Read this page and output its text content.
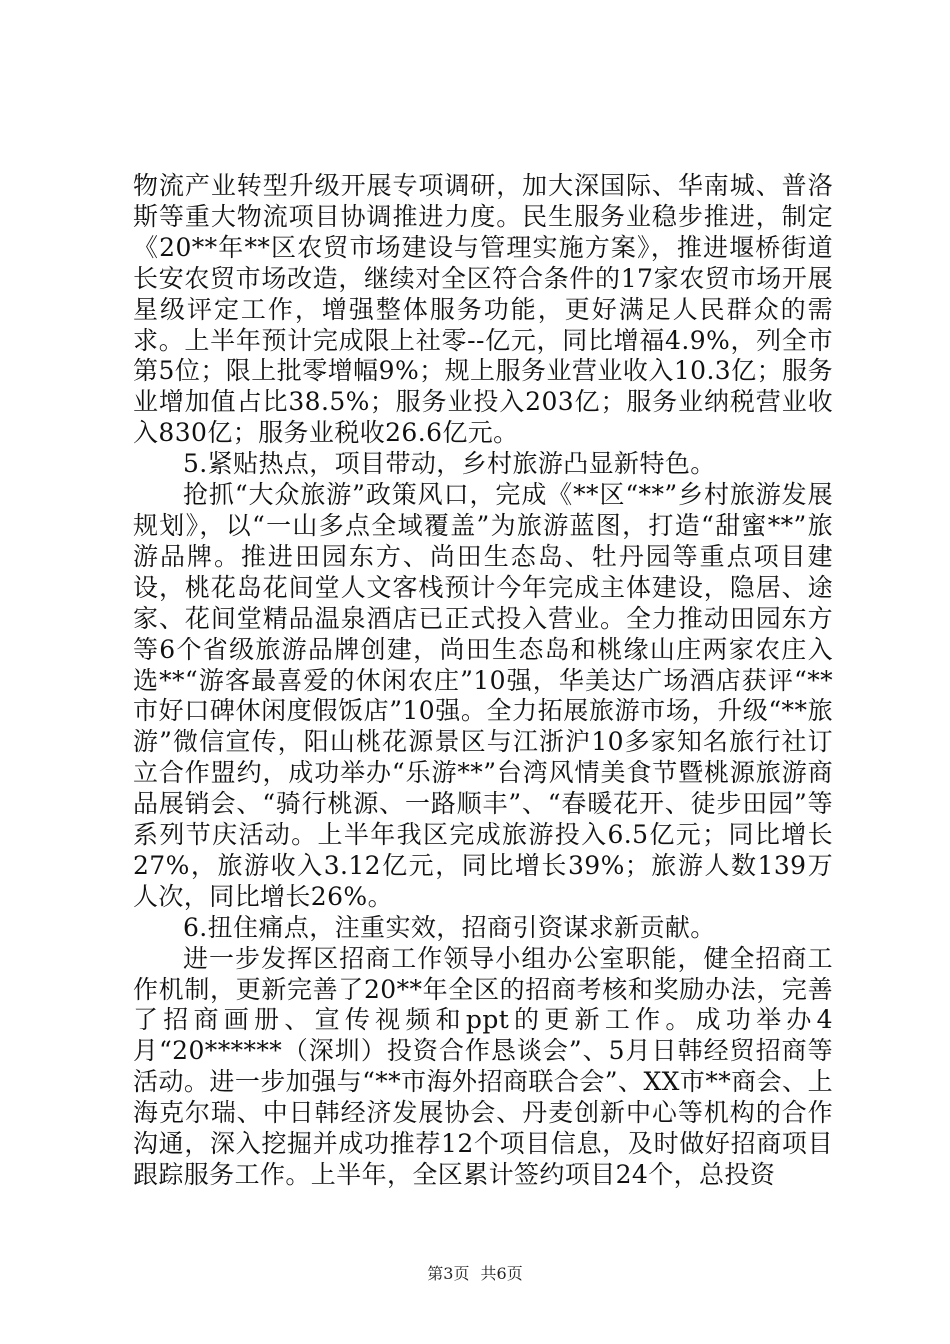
物流产业转型升级开展专项调研，加大深国际、华南城、普洛斯等重大物流项目协调推进力度。民生服务业稳步推进，制定《20**年**区农贸市场建设与管理实施方案》，推进堰桥街道长安农贸市场改造，继续对全区符合条件的17家农贸市场开展星级评定工作，增强整体服务功能，更好满足人民群众的需求。上半年预计完成限上社零--亿元，同比增福4.9%，列全市第5位；限上批零增幅9%；规上服务业营业收入10.3亿；服务业增加值占比38.5%；服务业投入203亿；服务业纳税营业收入830亿；服务业税收26.6亿元。

5.紧贴热点，项目带动，乡村旅游凸显新特色。

抢抓“大众旅游”政策风口，完成《**区“**”乡村旅游发展规划》，以“一山多点全域覆盖”为旅游蓝图，打造“甜蜜**”旅游品牌。推进田园东方、尚田生态岛、牡丹园等重点项目建设，桃花岛花间堂人文客栈预计今年完成主体建设，隐居、途家、花间堂精品温泉酒店已正式投入营业。全力推动田园东方等6个省级旅游品牌创建，尚田生态岛和桃缘山庄两家农庄入选**“游客最喜爱的休闲农庄”10强，华美达广场酒店获评“**市好口碑休闲度假饭店”10强。全力拓展旅游市场，升级“**旅游”微信宣传，阳山桃花源景区与江浙沪10多家知名旅行社订立合作盟约，成功举办“乐游**”台湾风情美食节暨桃源旅游商品展销会、“骑行桃源、一路顺丰”、“春暖花开、徒步田园”等系列节庆活动。上半年我区完成旅游投入6.5亿元；同比增长27%，旅游收入3.12亿元，同比增长39%；旅游人数139万人次，同比增长26%。

6.扭住痛点，注重实效，招商引资谋求新贡献。

进一步发挥区招商工作领导小组办公室职能，健全招商工作机制，更新完善了20**年全区的招商考核和奖励办法，完善了招商画册、宣传视频和ppt的更新工作。成功举办4月“20******（深圳）投资合作恳谈会”、5月日韩经贸招商等活动。进一步加强与“**市海外招商联合会”、XX市**商会、上海克尔瑞、中日韩经济发展协会、丹麦创新中心等机构的合作沟通，深入挖掘并成功推荐12个项目信息，及时做好招商项目跟踪服务工作。上半年，全区累计签约项目24个，总投资

第3页 共6页
